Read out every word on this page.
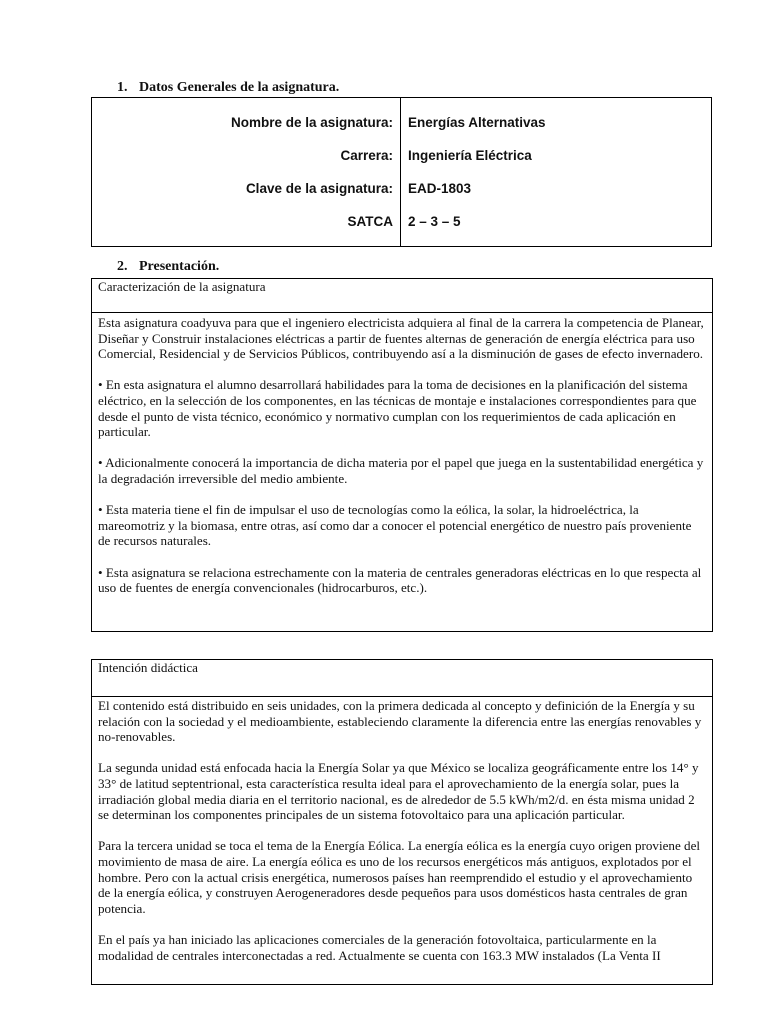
1. Datos Generales de la asignatura.
Nombre de la asignatura:	Energías Alternativas
Carrera:	Ingeniería Eléctrica
Clave de la asignatura:	EAD-1803
SATCA	2 – 3 – 5
2. Presentación.
Caracterización de la asignatura

Esta asignatura coadyuva para que el ingeniero electricista adquiera al final de la carrera la competencia de Planear, Diseñar y Construir instalaciones eléctricas a partir de fuentes alternas de generación de energía eléctrica para uso Comercial, Residencial y de Servicios Públicos, contribuyendo así a la disminución de gases de efecto invernadero.

• En esta asignatura el alumno desarrollará habilidades para la toma de decisiones en la planificación del sistema eléctrico, en la selección de los componentes, en las técnicas de montaje e instalaciones correspondientes para que desde el punto de vista técnico, económico y normativo cumplan con los requerimientos de cada aplicación en particular.

• Adicionalmente conocerá la importancia de dicha materia por el papel que juega en la sustentabilidad energética y la degradación irreversible del medio ambiente.

• Esta materia tiene el fin de impulsar el uso de tecnologías como la eólica, la solar, la hidroeléctrica, la mareomotriz y la biomasa, entre otras, así como dar a conocer el potencial energético de nuestro país proveniente de recursos naturales.

• Esta asignatura se relaciona estrechamente con la materia de centrales generadoras eléctricas en lo que respecta al uso de fuentes de energía convencionales (hidrocarburos, etc.).

Intención didáctica

El contenido está distribuido en seis unidades, con la primera dedicada al concepto y definición de la Energía y su relación con la sociedad y el medioambiente, estableciendo claramente la diferencia entre las energías renovables y no-renovables.

La segunda unidad está enfocada hacia la Energía Solar ya que México se localiza geográficamente entre los 14° y 33° de latitud septentrional, esta característica resulta ideal para el aprovechamiento de la energía solar, pues la irradiación global media diaria en el territorio nacional, es de alrededor de 5.5 kWh/m2/d. en ésta misma unidad 2 se determinan los componentes principales de un sistema fotovoltaico para una aplicación particular.

Para la tercera unidad se toca el tema de la Energía Eólica. La energía eólica es la energía cuyo origen proviene del movimiento de masa de aire. La energía eólica es uno de los recursos energéticos más antiguos, explotados por el hombre. Pero con la actual crisis energética, numerosos países han reemprendido el estudio y el aprovechamiento de la energía eólica, y construyen Aerogeneradores desde pequeños para usos domésticos hasta centrales de gran potencia.

En el país ya han iniciado las aplicaciones comerciales de la generación fotovoltaica, particularmente en la modalidad de centrales interconectadas a red. Actualmente se cuenta con 163.3 MW instalados (La Venta II
